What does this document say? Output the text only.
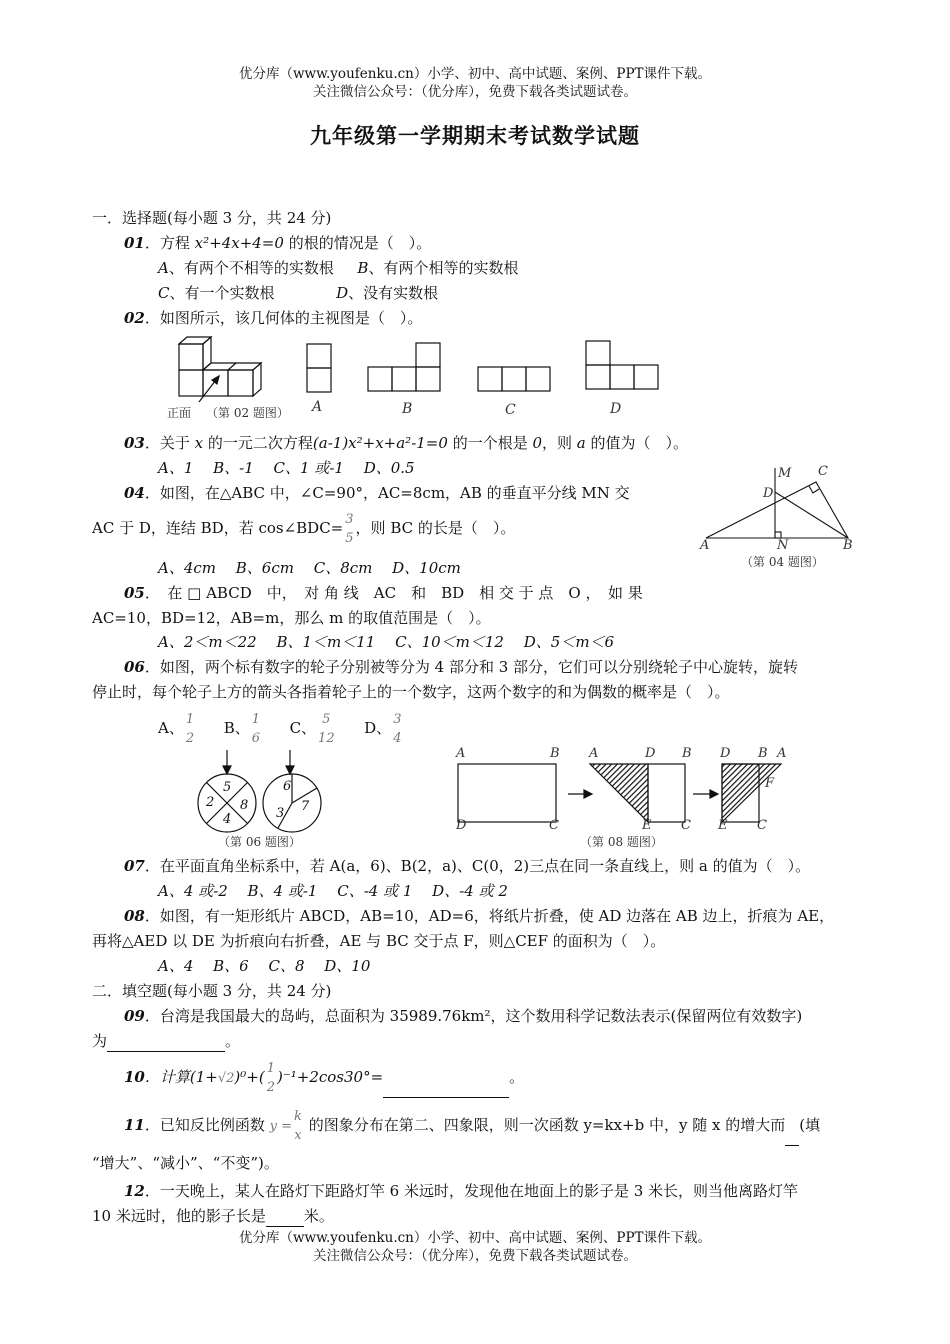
优分库（www.youfenku.cn）小学、初中、高中试题、案例、PPT课件下载。
关注微信公众号：（优分库），免费下载各类试题试卷。
九年级第一学期期末考试数学试题
一．选择题(每小题 3 分，共 24 分)
01．方程 x²+4x+4=0 的根的情况是（　）。
A、有两个不相等的实数根 B、有两个相等的实数根
C、有一个实数根	D、没有实数根
02．如图所示，该几何体的主视图是（　）。
正面 （第 02 题图） A	B	C	D
03．关于 x 的一元二次方程(a-1)x²+x+a²-1=0 的一个根是 0，则 a 的值为（　）。
A、1　 B、-1　 C、1 或-1　 D、0.5	M C
D
A	N	B
（第 04 题图）
04．如图，在△ABC 中，∠C=90°，AC=8cm，AB 的垂直平分线 MN 交
AC 于 D，连结 BD，若 cos∠BDC= 3
5
，则 BC 的长是（　）。
A、4cm　 B、6cm　 C、8cm　 D、10cm
05．　在 □ ABCD　中，　对 角 线　AC　和　BD　相 交 于 点　O ，　如 果
AC=10，BD=12，AB=m，那么 m 的取值范围是（　）。
A、2＜m＜22　 B、1＜m＜11　 C、10＜m＜12　 D、5＜m＜6
06．如图，两个标有数字的轮子分别被等分为 4 部分和 3 部分，它们可以分别绕轮子中心旋转，旋转
停止时，每个轮子上方的箭头各指着轮子上的一个数字，这两个数字的和为偶数的概率是（　）。
A、 1
2
B、 1
6
C、 5
12
D、 3
4
5
2 8
4
6
7
3
（第 06 题图）
A	B
D	C
A	D B
E C
D B A
F
E C
（第 08 题图）
07．在平面直角坐标系中，若 A(a，6)、B(2，a)、C(0，2)三点在同一条直线上，则 a 的值为（　）。
A、4 或-2　 B、4 或-1　 C、-4 或 1　 D、-4 或 2
08．如图，有一矩形纸片 ABCD，AB=10，AD=6，将纸片折叠，使 AD 边落在 AB 边上，折痕为 AE，
再将△AED 以 DE 为折痕向右折叠，AE 与 BC 交于点 F，则△CEF 的面积为（　）。
A、4　 B、6　 C、8　 D、10
二．填空题(每小题 3 分，共 24 分)
09．台湾是我国最大的岛屿，总面积为 35989.76km²，这个数用科学记数法表示(保留两位有效数字)
为	。
10．计算(1+√2)⁰+( 1
2
)⁻¹+2cos30°=	。
11．已知反比例函数 y =
k
x
的图象分布在第二、四象限，则一次函数 y=kx+b 中，y 随 x 的增大而 (填
“增大”、“减小”、“不变”)。
12．一天晚上，某人在路灯下距路灯竿 6 米远时，发现他在地面上的影子是 3 米长，则当他离路灯竿
10 米远时，他的影子长是	米。
优分库（www.youfenku.cn）小学、初中、高中试题、案例、PPT课件下载。
关注微信公众号：（优分库），免费下载各类试题试卷。
